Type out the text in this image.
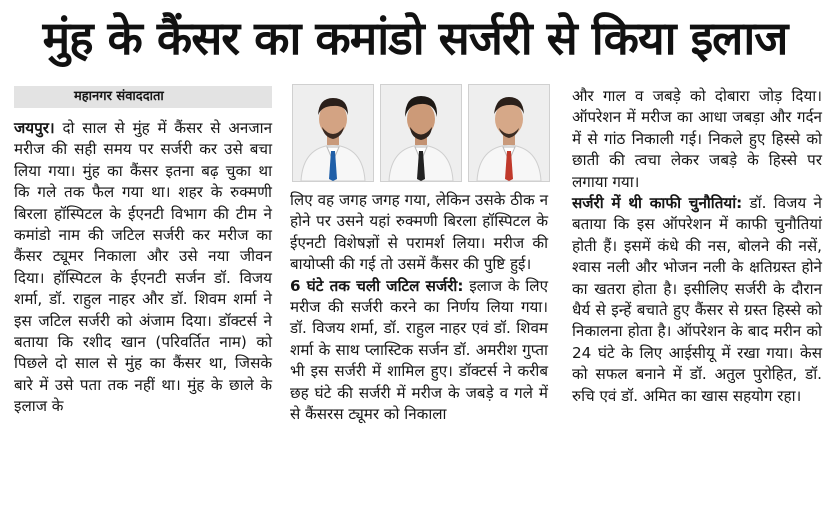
मुंह के कैंसर का कमांडो सर्जरी से किया इलाज
महानगर संवाददाता

जयपुर। दो साल से मुंह में कैंसर से अनजान मरीज की सही समय पर सर्जरी कर उसे बचा लिया गया। मुंह का कैंसर इतना बढ़ चुका था कि गले तक फैल गया था। शहर के रुक्मणी बिरला हॉस्पिटल के ईएनटी विभाग की टीम ने कमांडो नाम की जटिल सर्जरी कर मरीज का कैंसर ट्यूमर निकाला और उसे नया जीवन दिया। हॉस्पिटल के ईएनटी सर्जन डॉ. विजय शर्मा, डॉ. राहुल नाहर और डॉ. शिवम शर्मा ने इस जटिल सर्जरी को अंजाम दिया। डॉक्टर्स ने बताया कि रशीद खान (परिवर्तित नाम) को पिछले दो साल से मुंह का कैंसर था, जिसके बारे में उसे पता तक नहीं था। मुंह के छाले के इलाज के

लिए वह जगह जगह गया, लेकिन उसके ठीक न होने पर उसने यहां रुक्मणी बिरला हॉस्पिटल के ईएनटी विशेषज्ञों से परामर्श लिया। मरीज की बायोप्सी की गई तो उसमें कैंसर की पुष्टि हुई।

6 घंटे तक चली जटिल सर्जरी: इलाज के लिए मरीज की सर्जरी करने का निर्णय लिया गया। डॉ. विजय शर्मा, डॉ. राहुल नाहर एवं डॉ. शिवम शर्मा के साथ प्लास्टिक सर्जन डॉ. अमरीश गुप्ता भी इस सर्जरी में शामिल हुए। डॉक्टर्स ने करीब छह घंटे की सर्जरी में मरीज के जबड़े व गले में से कैंसरस ट्यूमर को निकाला

और गाल व जबड़े को दोबारा जोड़ दिया। ऑपरेशन में मरीज का आधा जबड़ा और गर्दन में से गांठ निकाली गई। निकले हुए हिस्से को छाती की त्वचा लेकर जबड़े के हिस्से पर लगाया गया।

सर्जरी में थी काफी चुनौतियां: डॉ. विजय ने बताया कि इस ऑपरेशन में काफी चुनौतियां होती हैं। इसमें कंधे की नस, बोलने की नसें, श्वास नली और भोजन नली के क्षतिग्रस्त होने का खतरा होता है। इसीलिए सर्जरी के दौरान धैर्य से इन्हें बचाते हुए कैंसर से ग्रस्त हिस्से को निकालना होता है। ऑपरेशन के बाद मरीन को 24 घंटे के लिए आईसीयू में रखा गया। केस को सफल बनाने में डॉ. अतुल पुरोहित, डॉ. रुचि एवं डॉ. अमित का खास सहयोग रहा।
